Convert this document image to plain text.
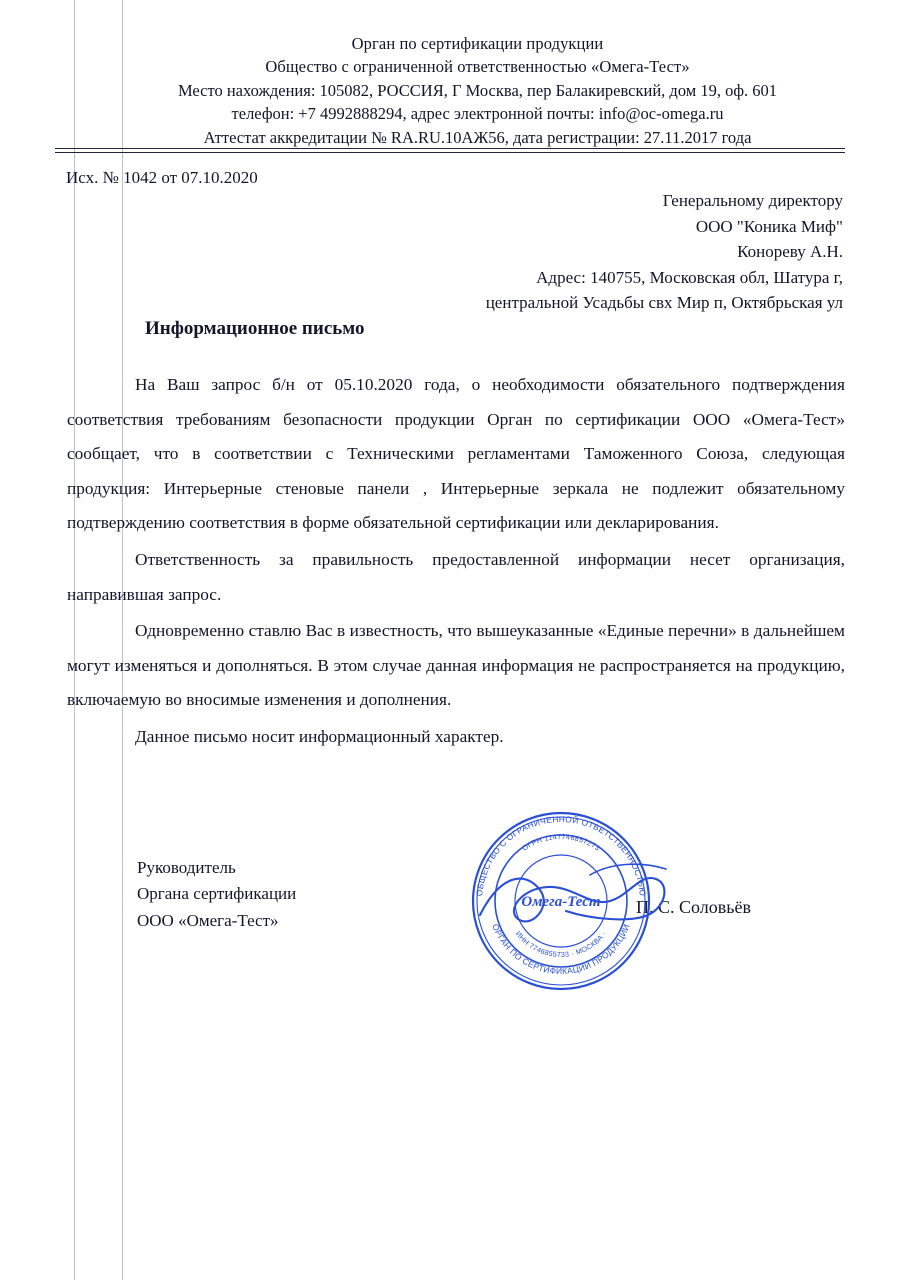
Орган по сертификации продукции
Общество с ограниченной ответственностью «Омега-Тест»
Место нахождения: 105082, РОССИЯ, Г Москва, пер Балакиревский, дом 19, оф. 601
телефон: +7 4992888294, адрес электронной почты: info@oc-omega.ru
Аттестат аккредитации № RA.RU.10АЖ56, дата регистрации: 27.11.2017 года
Исх. № 1042 от 07.10.2020
Генеральному директору
ООО "Коника Миф"
Конореву А.Н.
Адрес: 140755, Московская обл, Шатура г,
центральной Усадьбы свх Мир п, Октябрьская ул
Информационное письмо

На Ваш запрос б/н от 05.10.2020 года, о необходимости обязательного подтверждения соответствия требованиям безопасности продукции Орган по сертификации ООО «Омега-Тест» сообщает, что в соответствии с Техническими регламентами Таможенного Союза, следующая продукция: Интерьерные стеновые панели , Интерьерные зеркала не подлежит обязательному подтверждению соответствия в форме обязательной сертификации или декларирования.

Ответственность за правильность предоставленной информации несет организация, направившая запрос.

Одновременно ставлю Вас в известность, что вышеуказанные «Единые перечни» в дальнейшем могут изменяться и дополняться. В этом случае данная информация не распространяется на продукцию, включаемую во вносимые изменения и дополнения.

Данное письмо носит информационный характер.

Руководитель
Органа сертификации
ООО «Омега-Тест»
П. С. Соловьёв
ОБЩЕСТВО С ОГРАНИЧЕННОЙ ОТВЕТСТВЕННОСТЬЮ
ОРГАН ПО СЕРТИФИКАЦИИ ПРОДУКЦИИ
ОГРН 1147746857273
ИНН 7746855733 · МОСКВА ·
Омега-Тест
